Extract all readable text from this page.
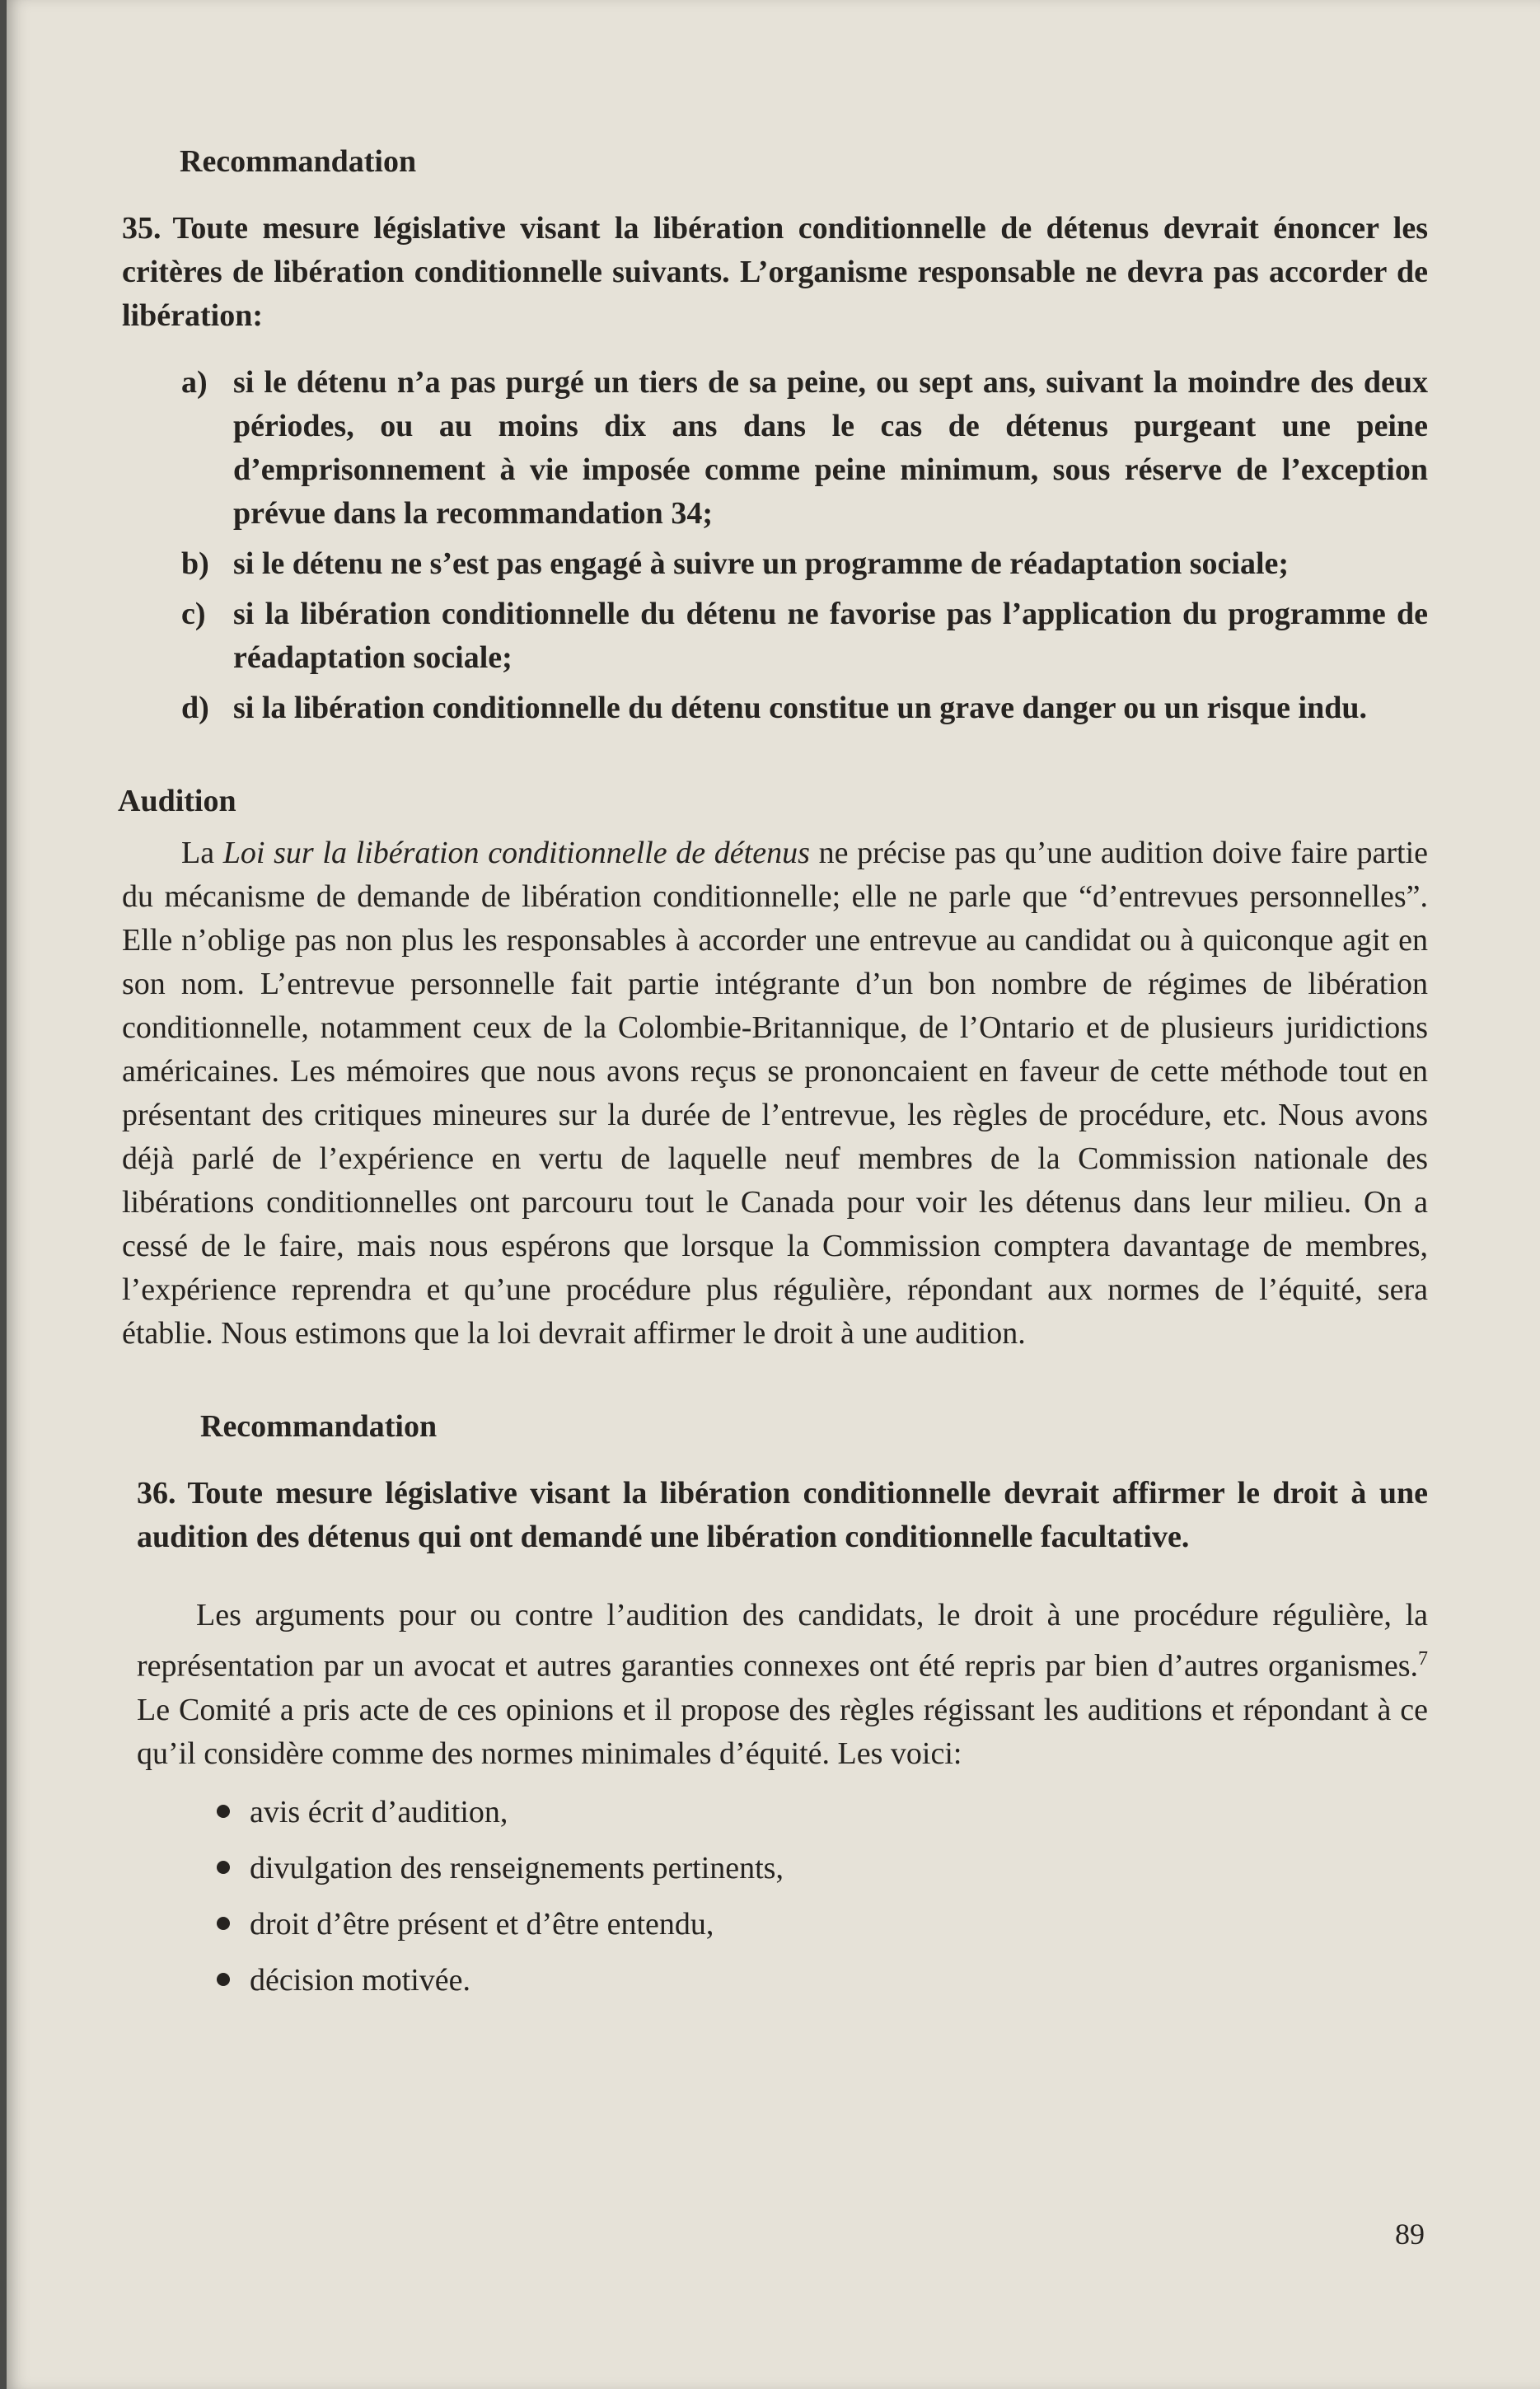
Recommandation

35. Toute mesure législative visant la libération conditionnelle de détenus devrait énoncer les critères de libération conditionnelle suivants. L’organisme responsable ne devra pas accorder de libération:

a) si le détenu n’a pas purgé un tiers de sa peine, ou sept ans, suivant la moindre des deux périodes, ou au moins dix ans dans le cas de détenus purgeant une peine d’emprisonnement à vie imposée comme peine minimum, sous réserve de l’exception prévue dans la recommandation 34;
b) si le détenu ne s’est pas engagé à suivre un programme de réadaptation sociale;
c) si la libération conditionnelle du détenu ne favorise pas l’application du programme de réadaptation sociale;
d) si la libération conditionnelle du détenu constitue un grave danger ou un risque indu.

Audition

La Loi sur la libération conditionnelle de détenus ne précise pas qu’une audition doive faire partie du mécanisme de demande de libération conditionnelle; elle ne parle que “d’entrevues personnelles”. Elle n’oblige pas non plus les responsables à accorder une entrevue au candidat ou à quiconque agit en son nom. L’entrevue personnelle fait partie intégrante d’un bon nombre de régimes de libération conditionnelle, notamment ceux de la Colombie-Britannique, de l’Ontario et de plusieurs juridictions américaines. Les mémoires que nous avons reçus se prononcaient en faveur de cette méthode tout en présentant des critiques mineures sur la durée de l’entrevue, les règles de procédure, etc. Nous avons déjà parlé de l’expérience en vertu de laquelle neuf membres de la Commission nationale des libérations conditionnelles ont parcouru tout le Canada pour voir les détenus dans leur milieu. On a cessé de le faire, mais nous espérons que lorsque la Commission comptera davantage de membres, l’expérience reprendra et qu’une procédure plus régulière, répondant aux normes de l’équité, sera établie. Nous estimons que la loi devrait affirmer le droit à une audition.

Recommandation

36. Toute mesure législative visant la libération conditionnelle devrait affirmer le droit à une audition des détenus qui ont demandé une libération conditionnelle facultative.

Les arguments pour ou contre l’audition des candidats, le droit à une procédure régulière, la représentation par un avocat et autres garanties connexes ont été repris par bien d’autres organismes.$^7$ Le Comité a pris acte de ces opinions et il propose des règles régissant les auditions et répondant à ce qu’il considère comme des normes minimales d’équité. Les voici:

avis écrit d’audition,
divulgation des renseignements pertinents,
droit d’être présent et d’être entendu,
décision motivée.
89
